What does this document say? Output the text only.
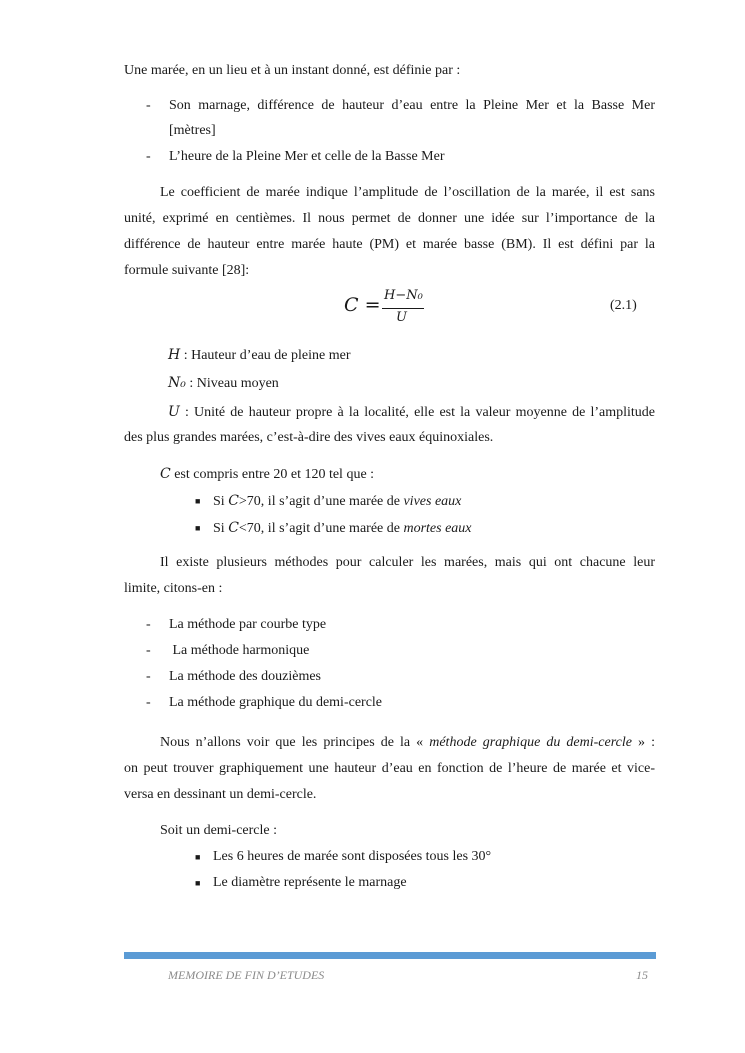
Une marée, en un lieu et à un instant donné, est définie par :
- Son marnage, différence de hauteur d’eau entre la Pleine Mer et la Basse Mer
[mètres]
- L’heure de la Pleine Mer et celle de la Basse Mer
Le coefficient de marée indique l’amplitude de l’oscillation de la marée, il est sans
unité, exprimé en centièmes. Il nous permet de donner une idée sur l’importance de la
différence de hauteur entre marée haute (PM) et marée basse (BM). Il est défini par la
formule suivante [28]:
C = H−N₀
U
(2.1)
H : Hauteur d’eau de pleine mer
N₀ : Niveau moyen
U : Unité de hauteur propre à la localité, elle est la valeur moyenne de l’amplitude
des plus grandes marées, c’est-à-dire des vives eaux équinoxiales.
C est compris entre 20 et 120 tel que :
■ Si C>70, il s’agit d’une marée de vives eaux
■ Si C<70, il s’agit d’une marée de mortes eaux
Il existe plusieurs méthodes pour calculer les marées, mais qui ont chacune leur
limite, citons-en :
- La méthode par courbe type
- La méthode harmonique
- La méthode des douzièmes
- La méthode graphique du demi-cercle
Nous n’allons voir que les principes de la « méthode graphique du demi-cercle » :
on peut trouver graphiquement une hauteur d’eau en fonction de l’heure de marée et vice-
versa en dessinant un demi-cercle.
Soit un demi-cercle :
■ Les 6 heures de marée sont disposées tous les 30°
■ Le diamètre représente le marnage
MEMOIRE DE FIN D’ETUDES	15
